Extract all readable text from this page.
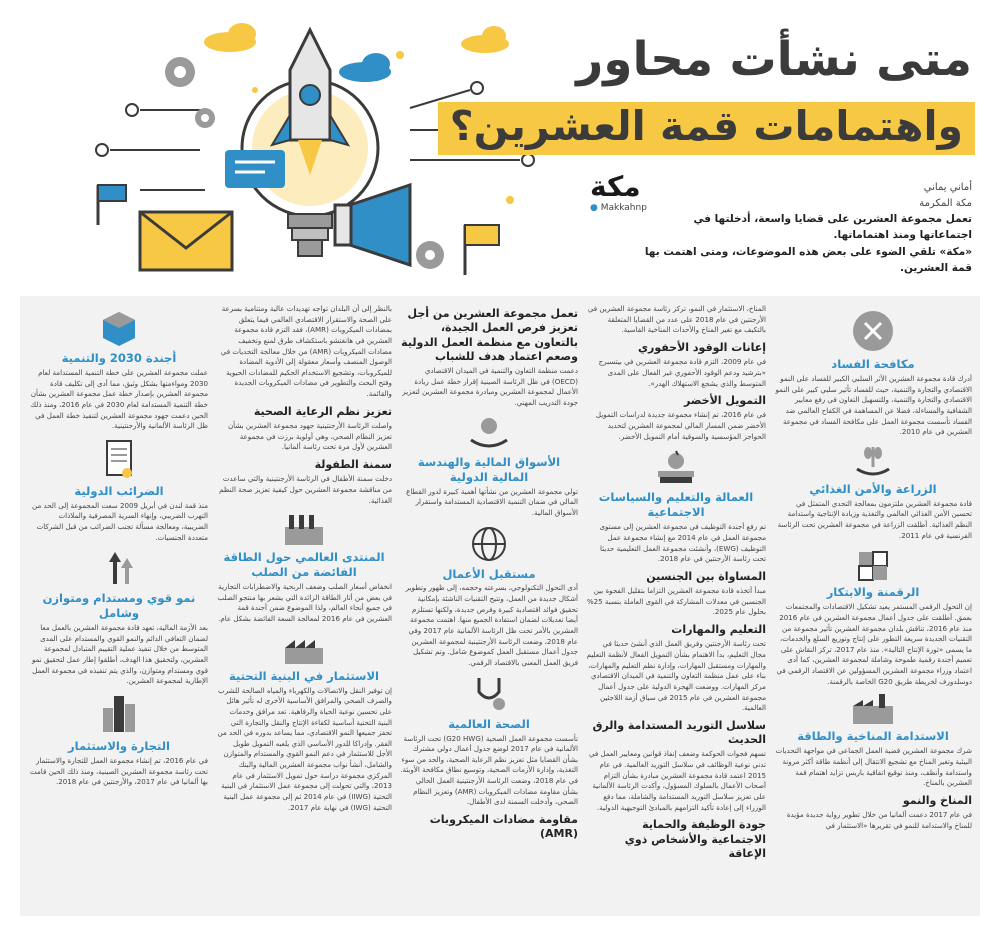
متى نشأت محاور
واهتمامات قمة العشرين؟
مكة
● Makkahnp
أماني يماني
مكة المكرمة
تعمل مجموعة العشرين على قضايا واسعة، أدخلتها في اجتماعاتها ومنذ اهتماماتها.
«مكة» تلقي الضوء على بعض هذه الموضوعات، ومتى اهتمت بها قمة العشرين.
مكافحة الفساد

أدرك قادة مجموعة العشرين الأثر السلبي الكبير للفساد على النمو الاقتصادي والتجارة والتنمية، حيث للفساد تأثير سلبي كبير على النمو الاقتصادي والتجارة والتنمية، وللتسهيل التعاون في رفع معايير الشفافية والمساءلة، فضلا عن المساهمة في الكفاح العالمي ضد الفساد تأسست مجموعة العمل على مكافحة الفساد في مجموعة العشرين في عام 2010.

الزراعة والأمن الغذائي

قادة مجموعة العشرين ملتزمون بمعالجة التحدي المتمثل في تحسين الأمن الغذائي العالمي والتغذية وزيادة الإنتاجية واستدامة النظم الغذائية. أطلقت الزراعة في مجموعة العشرين تحت الرئاسة الفرنسية في عام 2011.

الرقمنة والابتكار

إن التحول الرقمي المستمر يعيد تشكيل الاقتصادات والمجتمعات بعمق. أطلقت على جدول أعمال مجموعة العشرين في عام 2016 منذ عام 2016، تناقش بلدان مجموعة العشرين تأثير مجموعة من التقنيات الجديدة سريعة التطور على إنتاج وتوزيع السلع والخدمات، ما يسمى «ثورة الإنتاج التالية». منذ عام 2017، تركز النقاش على تعميم أجندة رقمية طموحة وشاملة لمجموعة العشرين، كما أدى اعتماد وزراء مجموعة العشرين المسؤولين عن الاقتصاد الرقمي في دوسلدورف لخريطة طريق G20 الخاصة بالرقمنة.

الاستدامة المناخية والطاقة

شرك مجموعة العشرين قضية العمل الجماعي في مواجهة التحديات البيئية وتغير المناخ مع تشجيع الانتقال إلى أنظمة طاقة أكثر مرونة واستدامة وأنظف، ومنذ توقيع اتفاقية باريس تزايد اهتمام قمة العشرين بالمناخ.

المناخ والنمو

في عام 2017 دعمت ألمانيا من خلال تطوير رواية جديدة مؤيدة للمناخ والاستدامة للنمو في تقريرها «الاستثمار في

المناخ، الاستثمار في النمو، تركز رئاسة مجموعة العشرين في الأرجنتين في عام 2018 على عدد من القضايا المتعلقة بالتكيف مع تغير المناخ والأحداث المناخية القاسية.

إعانات الوقود الأحفوري

في عام 2009، التزم قادة مجموعة العشرين في بيتسبرج «بترشيد ودعم الوقود الأحفوري غير الفعال على المدى المتوسط والذي يشجع الاستهلاك الهدر».

التمويل الأخضر

في عام 2016، تم إنشاء مجموعة جديدة لدراسات التمويل الأخضر ضمن المسار المالي لمجموعة العشرين لتحديد الحواجز المؤسسية والسوقية أمام التمويل الأخضر.

العمالة والتعليم والسياسات الاجتماعية

تم رفع أجندة التوظيف في مجموعة العشرين إلى مستوى مجموعة العمل في عام 2014 مع إنشاء مجموعة عمل التوظيف (EWG)، وأنشئت مجموعة العمل التعليمية حديثا تحت رئاسة الأرجنتين في عام 2018.

المساواة بين الجنسين

مبدأ أتخذه قادة مجموعة العشرين التزاما بتقليل الفجوة بين الجنسين في معدلات المشاركة في القوى العاملة بنسبة 25% بحلول عام 2025.

التعليم والمهارات

تحت رئاسة الأرجنتين وفريق العمل الذي أنشئ حديثا في مجال التعليم، بدأ الاهتمام بشأن التمويل الفعال لأنظمة التعليم والمهارات ومستقبل المهارات، وإدارة نظم التعليم والمهارات، بناء على عمل منظمة التعاون والتنمية في الميدان الاقتصادي مركز المهارات. ووضعت الهجرة الدولية على جدول أعمال مجموعة العشرين في عام 2015 في سياق أزمة اللاجئين العالمية.

سلاسل التوريد المستدامة والرق الحديث

تسهم فجوات الحوكمة وضعف إنفاذ قوانين ومعايير العمل في تدني نوعية الوظائف في سلاسل التوريد العالمية. في عام 2015 اعتمد قادة مجموعة العشرين مبادرة بشأن التزام أصحاب الأعمال بالسلوك المسؤول، وأكدت الرئاسة الألمانية على تعزيز سلاسل التوريد المستدامة والشاملة، مما دفع الوزراء إلى إعادة تأكيد التزامهم بالمبادئ التوجيهية الدولية.

جودة الوظيفة والحماية الاجتماعية والأشخاص ذوي الإعاقة
تعمل مجموعة العشرين من أجل تعزيز فرص العمل الجيدة، بالتعاون مع منظمة العمل الدولية وصعم اعتماد هدف للشباب

دعمت منظمة التعاون والتنمية في الميدان الاقتصادي (OECD) في ظل الرئاسة الصينية إقرار خطة عمل ريادة الأعمال لمجموعة العشرين ومبادرة مجموعة العشرين لتعزيز جودة التدريب المهني.

الأسواق المالية والهندسة المالية الدولية

تولي مجموعة العشرين من نشأتها أهمية كبيرة لدور القطاع المالي في ضمان التنمية الاقتصادية المستدامة واستقرار الأسواق المالية.

مستقبل الأعمال

أدى التحول التكنولوجي، بسرعته وحجمه، إلى ظهور وتطوير أشكال جديدة من العمل، وتتيح التقنيات الناشئة بإمكانية تحقيق فوائد اقتصادية كبيرة وفرص جديدة، ولكنها تستلزم أيضا تعديلات لضمان استفادة الجميع منها. اهتمت مجموعة العشرين بالأمر تحت ظل الرئاسة الألمانية عام 2017 وفي عام 2018، وضعت الرئاسة الأرجنتينية لمجموعة العشرين جدول أعمال مستقبل العمل كموضوع شامل. وتم تشكيل فريق العمل المعني بالاقتصاد الرقمي.

الصحة العالمية

تأسست مجموعة العمل الصحية (G20 HWG) تحت الرئاسة الألمانية في عام 2017 لوضع جدول أعمال دولي مشترك بشأن القضايا مثل تعزيز نظم الرعاية الصحية، والحد من سوء التغذية، وإدارة الأزمات الصحية، وتوسيع نطاق مكافحة الأوبئة. في عام 2018، وضعت الرئاسة الأرجنتينية العمل الحالي بشأن مقاومة مضادات الميكروبات (AMR) وتعزيز النظام الصحي، وأدخلت السمنة لدى الأطفال.

مقاومة مضادات الميكروبات (AMR)

بالنظر إلى أن البلدان تواجه تهديدات عالية ومتنامية بسرعة على الصحة والاستقرار الاقتصادي العالمي فيما يتعلق بمضادات الميكروبات (AMR)، فقد التزم قادة مجموعة العشرين في هانغتشو باستكشاف طرق لمنع وتخفيف مضادات الميكروبات (AMR) من خلال معالجة التحديات في الوصول المنصف وأسعار معقولة إلى الأدوية المضادة للميكروبات، وتشجيع الاستخدام الحكيم للمضادات الحيوية وفتح البحث والتطوير في مضادات الميكروبات الجديدة والقائمة.

تعزيز نظم الرعاية الصحية

واصلت الرئاسة الأرجنتينية جهود مجموعة العشرين بشأن تعزيز النظام الصحي، وهي أولوية برزت في مجموعة العشرين لأول مرة تحت رئاسة ألمانيا.

سمنة الطفولة

دخلت سمنة الأطفال في الرئاسة الأرجنتينية والتي ساعدت من مناقشة مجموعة العشرين حول كيفية تعزيز صحة النظم الغذائية.

المنتدى العالمي حول الطاقة الفائضة من الصلب

انخفاض أسعار الصلب وضعف الربحية والاضطرابات التجارية في بعض من أثار الطاقة الزائدة التي يشعر بها منتجو الصلب في جميع أنحاء العالم، ولذا الموضوع ضمن أجندة قمة العشرين في عام 2016 لمعالجة السعة الفائضة بشكل عام.

الاستثمار في البنية التحتية

إن توفير النقل والاتصالات والكهرباء والمياه الصالحة للشرب والصرف الصحي والمرافق الأساسية الأخرى له تأثير هائل على تحسين نوعية الحياة والرفاهية. تعد مرافق وخدمات البنية التحتية أساسية لكفاءة الإنتاج والنقل والتجارة التي تحفز جميعها النمو الاقتصادي، مما يساعد بدوره في الحد من الفقر. وإدراكا للدور الأساسي الذي يلعبه التمويل طويل الأجل للاستثمار في دعم النمو القوي والمستدام والمتوازن والشامل، أنشأ نواب مجموعة العشرين المالية والبنك المركزي مجموعة دراسة حول تمويل الاستثمار في عام 2013، والتي تحولت إلى مجموعة عمل الاستثمار في البنية التحتية (IIWG) في عام 2014 ثم إلى مجموعة عمل البنية التحتية (IWG) في نهاية عام 2017.

أجندة 2030 والتنمية

عملت مجموعة العشرين على خطة التنمية المستدامة لعام 2030 ومواءمتها بشكل وثيق، مما أدى إلى تكليف قادة مجموعة العشرين بإصدار خطة عمل مجموعة العشرين بشأن خطة التنمية المستدامة لعام 2030 في عام 2016، ومنذ ذلك الحين دعمت جهود مجموعة العشرين لتنفيذ خطة العمل في ظل الرئاسة الألمانية والأرجنتينية.

الضرائب الدولية

منذ قمة لندن في أبريل 2009 سعت المجموعة إلى الحد من التهرب الضريبي، وإنهاء السرية المصرفية والملاذات الضريبية، ومعالجة مسألة تجنب الضرائب من قبل الشركات متعددة الجنسيات.

نمو قوي ومستدام ومتوازن وشامل

بعد الأزمة المالية، تعهد قادة مجموعة العشرين بالعمل معا لضمان التعافي الدائم والنمو القوي والمستدام على المدى المتوسط من خلال تنفيذ عملية التقييم المتبادل لمجموعة العشرين، ولتحقيق هذا الهدف، أطلقوا إطار عمل لتحقيق نمو قوي ومستدام ومتوازن، والذي يتم تنفيذه في مجموعة العمل الإطارية لمجموعة العشرين.

التجارة والاستثمار

في عام 2016، تم إنشاء مجموعة العمل للتجارة والاستثمار تحت رئاسة مجموعة العشرين الصينية، ومنذ ذلك الحين قامت بها ألمانيا في عام 2017، والأرجنتين في عام 2018.
